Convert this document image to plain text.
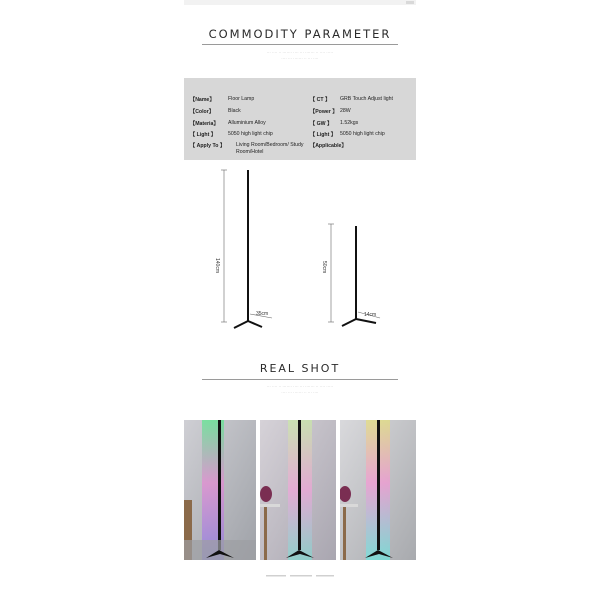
COMMODITY PARAMETER
··· ···· ·· ······· ···· ··· ······· ·· ···· ·····
···· ··· ······· ·· ··· ····
【Name】	Floor Lamp
【Color】	Black
【Materia】 Alluminium Alloy
【 Light 】 5050 high light chip
【 Apply To 】 Living Room/Bedroom/ Study Room/Hotel
【 CT 】 GRB Touch Adjust light
【Power 】 28W
【 GW 】 1.52kgs
【 Light 】 5050 high light chip
【Applicable】
140cm
35cm
50cm
14cm
REAL SHOT
··· ···· ·· ······· ···· ··· ······· ·· ···· ·····
···· ··· ······· ·· ··· ····
